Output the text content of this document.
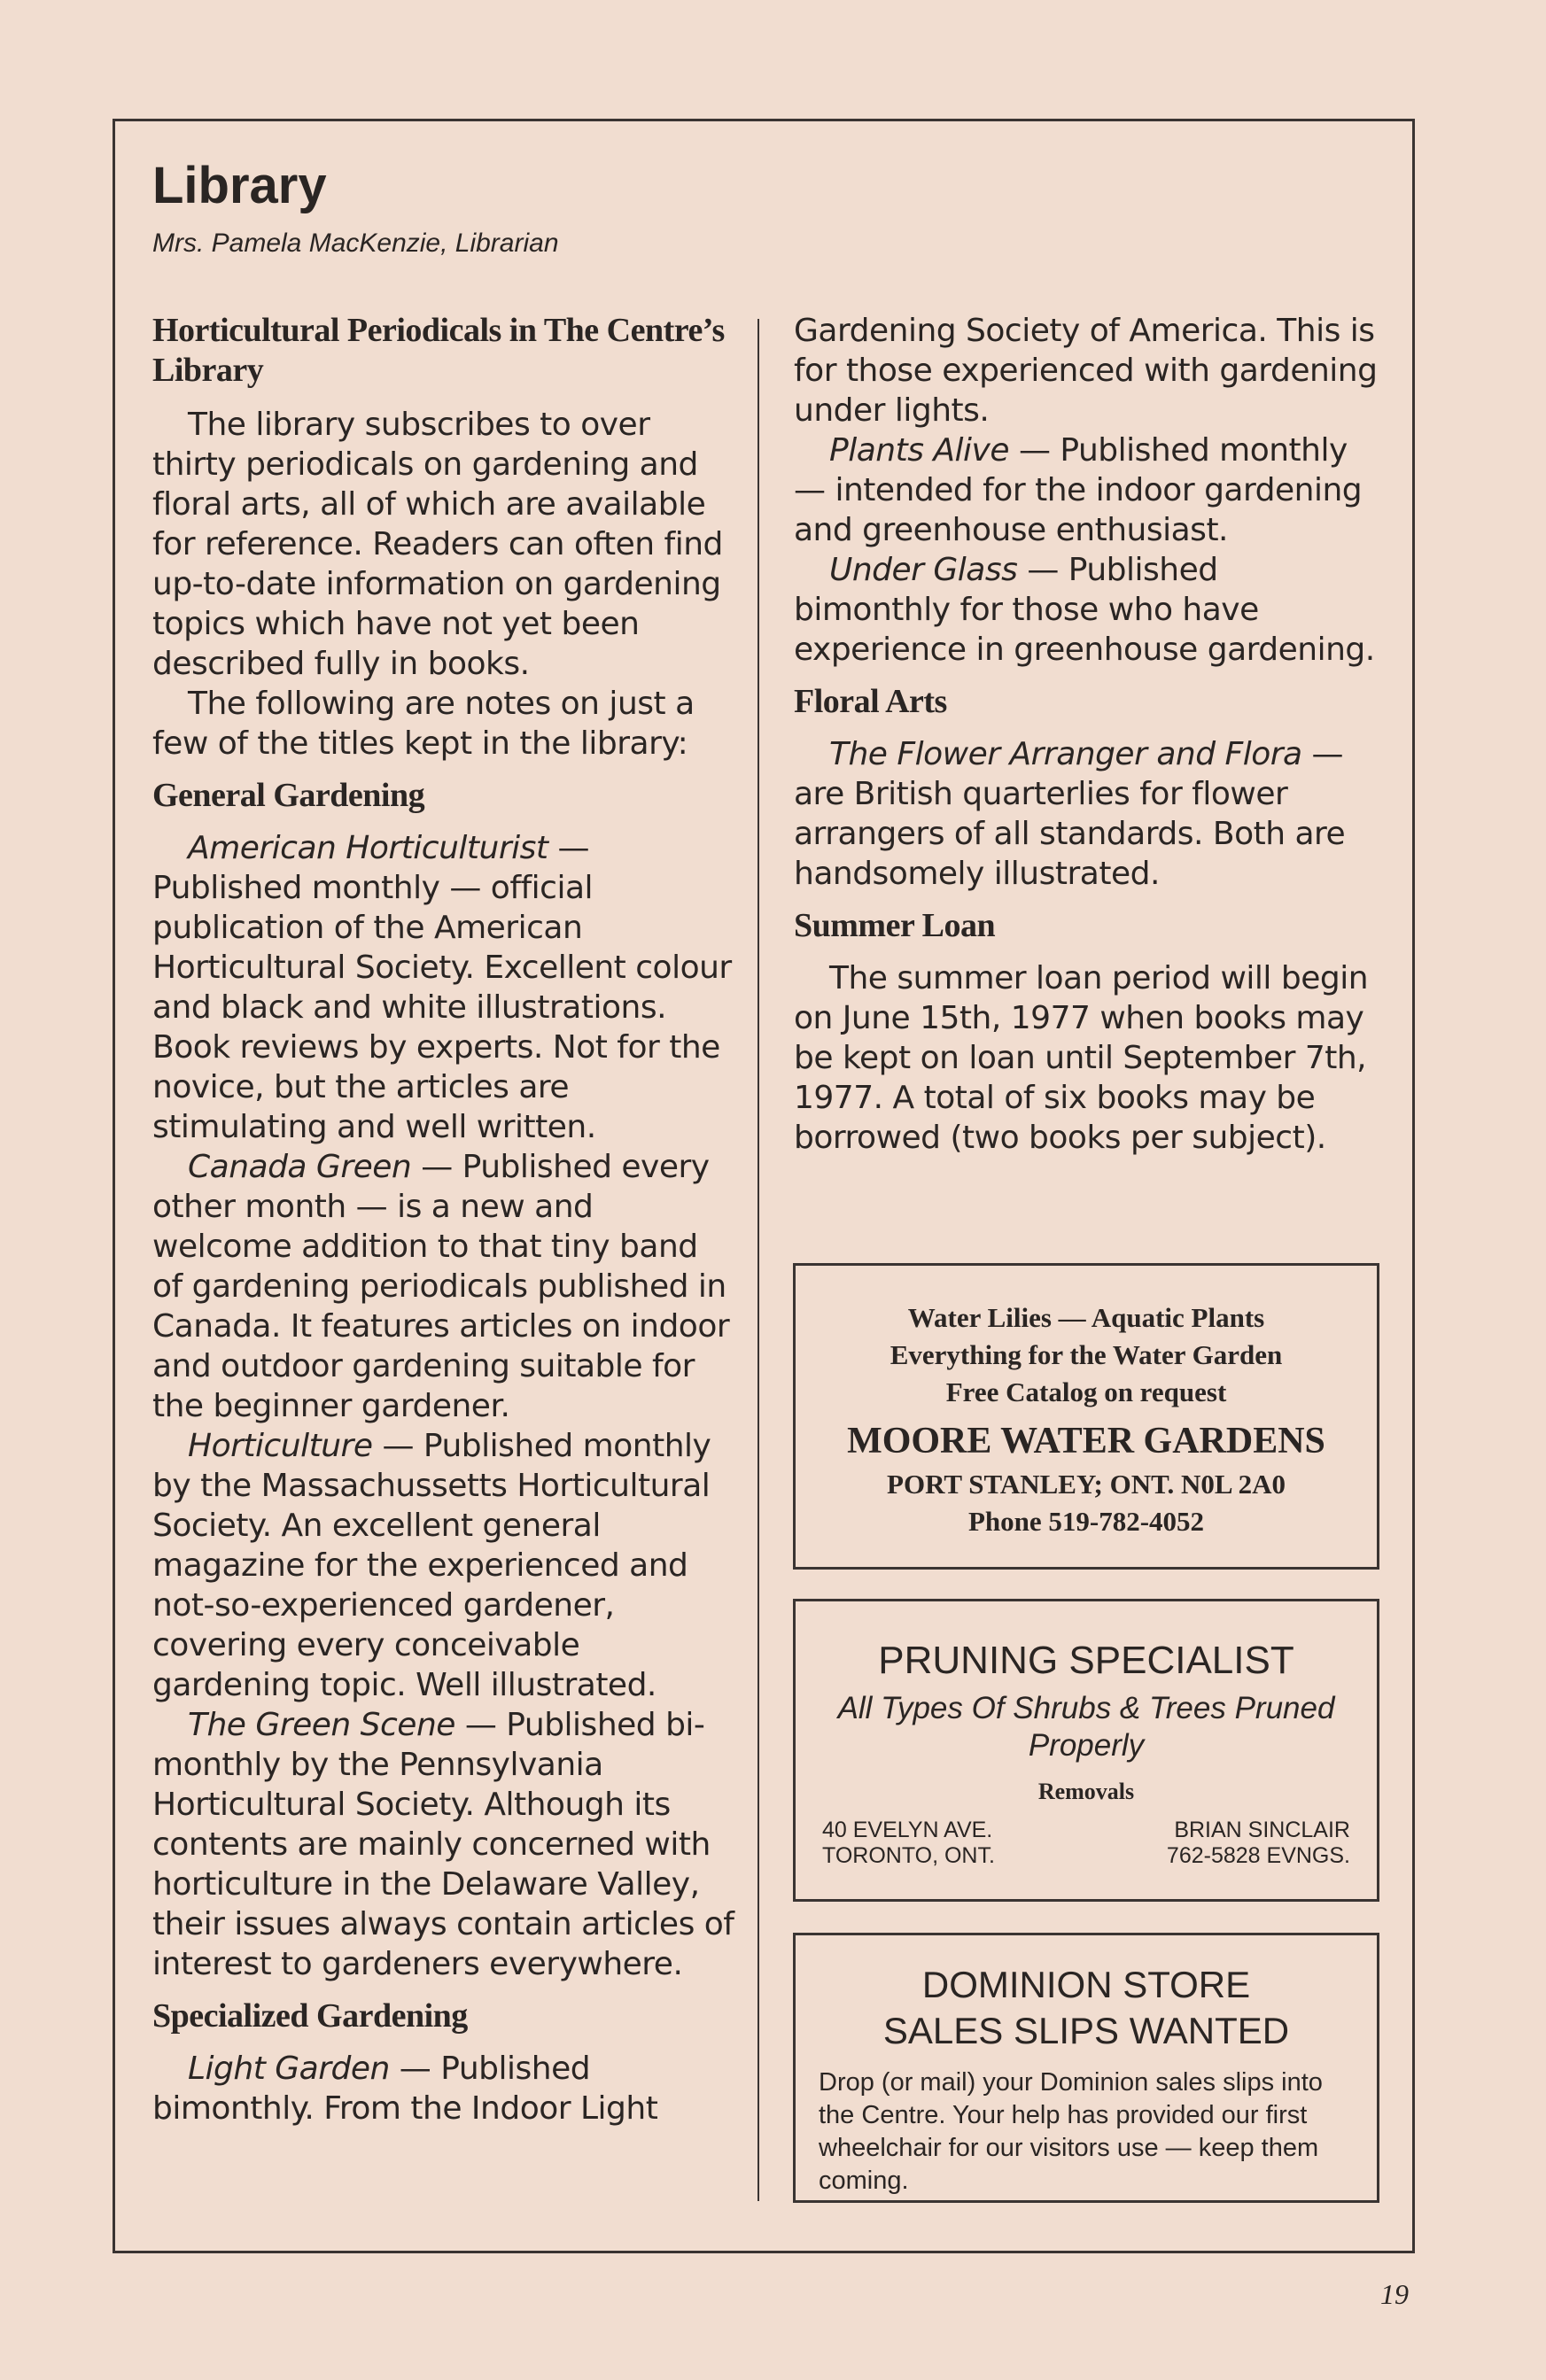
Library
Mrs. Pamela MacKenzie, Librarian
Horticultural Periodicals in The Centre’s Library

The library subscribes to over thirty periodicals on gardening and floral arts, all of which are available for reference. Readers can often find up-to-date information on gardening topics which have not yet been described fully in books.

The following are notes on just a few of the titles kept in the library:

General Gardening

American Horticulturist — Published monthly — official publication of the American Horticultural Society. Excellent colour and black and white illustrations. Book reviews by experts. Not for the novice, but the articles are stimulating and well written.

Canada Green — Published every other month — is a new and welcome addition to that tiny band of gardening periodicals published in Canada. It features articles on indoor and outdoor gardening suitable for the beginner gardener.

Horticulture — Published monthly by the Massachussetts Horticultural Society. An excellent general magazine for the experienced and not-so-experienced gardener, covering every conceivable gardening topic. Well illustrated.

The Green Scene — Published bi-monthly by the Pennsylvania Horticultural Society. Although its contents are mainly concerned with horticulture in the Delaware Valley, their issues always contain articles of interest to gardeners everywhere.

Specialized Gardening

Light Garden — Published bimonthly. From the Indoor Light

Gardening Society of America. This is for those experienced with gardening under lights.

Plants Alive — Published monthly — intended for the indoor gardening and greenhouse enthusiast.

Under Glass — Published bimonthly for those who have experience in greenhouse gardening.

Floral Arts

The Flower Arranger and Flora — are British quarterlies for flower arrangers of all standards. Both are handsomely illustrated.

Summer Loan

The summer loan period will begin on June 15th, 1977 when books may be kept on loan until September 7th, 1977. A total of six books may be borrowed (two books per subject).

Water Lilies — Aquatic Plants
Everything for the Water Garden
Free Catalog on request
MOORE WATER GARDENS
PORT STANLEY; ONT. N0L 2A0
Phone 519-782-4052
PRUNING SPECIALIST
All Types Of Shrubs & Trees Pruned Properly
Removals
40 EVELYN AVE.
TORONTO, ONT.
BRIAN SINCLAIR
762-5828 EVNGS.
DOMINION STORE
SALES SLIPS WANTED
Drop (or mail) your Dominion sales slips into the Centre. Your help has provided our first wheelchair for our visitors use — keep them coming.
19
